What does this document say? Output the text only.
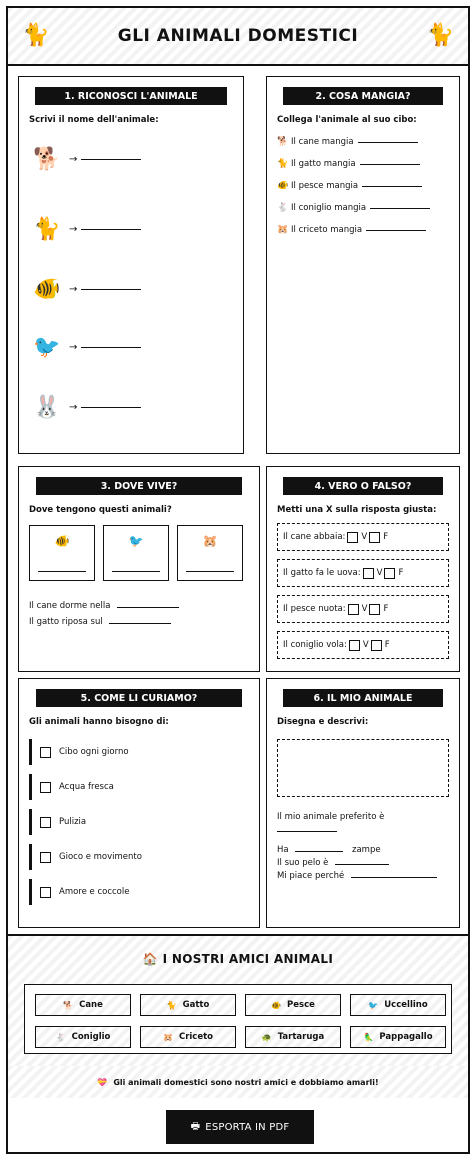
🐈	GLI ANIMALI DOMESTICI	🐈
1. RICONOSCI L'ANIMALE
Scrivi il nome dell'animale:
🐕 →
🐈 →
🐠 →
🐦 →
🐰 →
2. COSA MANGIA?
Collega l'animale al suo cibo:
🐕 Il cane mangia
🐈 Il gatto mangia
🐠 Il pesce mangia
🐇 Il coniglio mangia
🐹 Il criceto mangia
3. DOVE VIVE?
Dove tengono questi animali?
🐠	🐦	🐹
Il cane dorme nella
Il gatto riposa sul
4. VERO O FALSO?
Metti una X sulla risposta giusta:
Il cane abbaia: V F
Il gatto fa le uova: V F
Il pesce nuota: V F
Il coniglio vola: V F
5. COME LI CURIAMO?
Gli animali hanno bisogno di:
Cibo ogni giorno
Acqua fresca
Pulizia
Gioco e movimento
Amore e coccole
6. IL MIO ANIMALE
Disegna e descrivi:
Il mio animale preferito è
Ha	zampe
Il suo pelo è
Mi piace perché
🏠 I NOSTRI AMICI ANIMALI
🐕 Cane	🐈 Gatto	🐠 Pesce	🐦 Uccellino
🐇 Coniglio	🐹 Criceto	🐢 Tartaruga	🦜 Pappagallo
💝 Gli animali domestici sono nostri amici e dobbiamo amarli!
🖶 ESPORTA IN PDF
